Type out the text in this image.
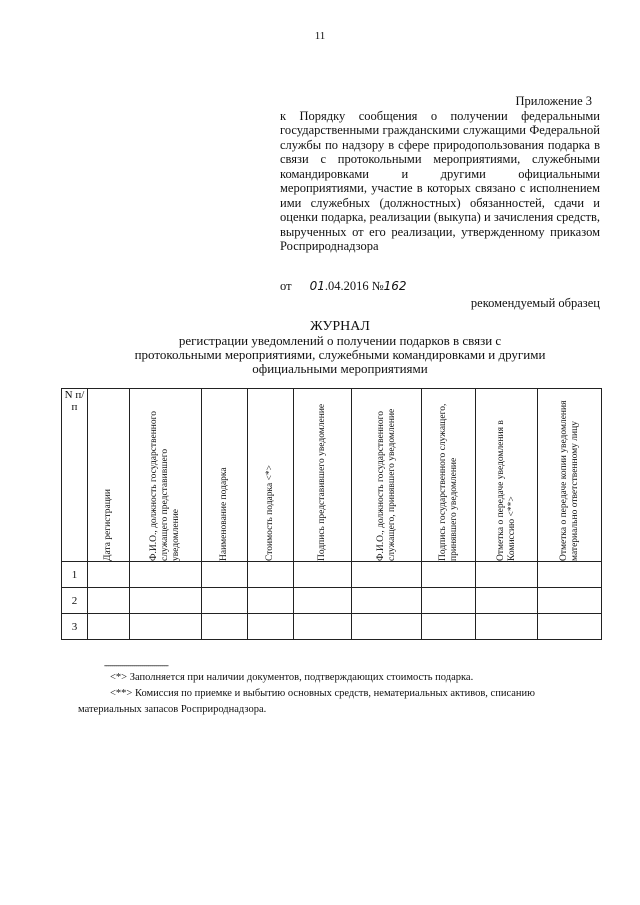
11
Приложение 3
к Порядку сообщения о получении федеральными государственными гражданскими служащими Федеральной службы по надзору в сфере природопользования подарка в связи с протокольными мероприятиями, служебными командировками и другими официальными мероприятиями, участие в которых связано с исполнением ими служебных (должностных) обязанностей, сдачи и оценки подарка, реализации (выкупа) и зачисления средств, вырученных от его реализации, утвержденному приказом Росприроднадзора
от 01.04.2016 №162
рекомендуемый образец
ЖУРНАЛ
регистрации уведомлений о получении подарков в связи с
протокольными мероприятиями, служебными командировками и другими
официальными мероприятиями
N п/п	Дата регистрации	Ф.И.О., должность государственного служащего представившего уведомление	Наименование подарка	Стоимость подарка <*>	Подпись представившего уведомление	Ф.И.О., должность государственного служащего, принявшего уведомление	Подпись государственного служащего, принявшего уведомление	Отметка о передаче уведомления в Комиссию <**>	Отметка о передаче копии уведомления материально ответственному лицу

1									
2									
3									
--------------------------------
<*> Заполняется при наличии документов, подтверждающих стоимость подарка.
<**> Комиссия по приемке и выбытию основных средств, нематериальных активов, списанию
материальных запасов Росприроднадзора.
